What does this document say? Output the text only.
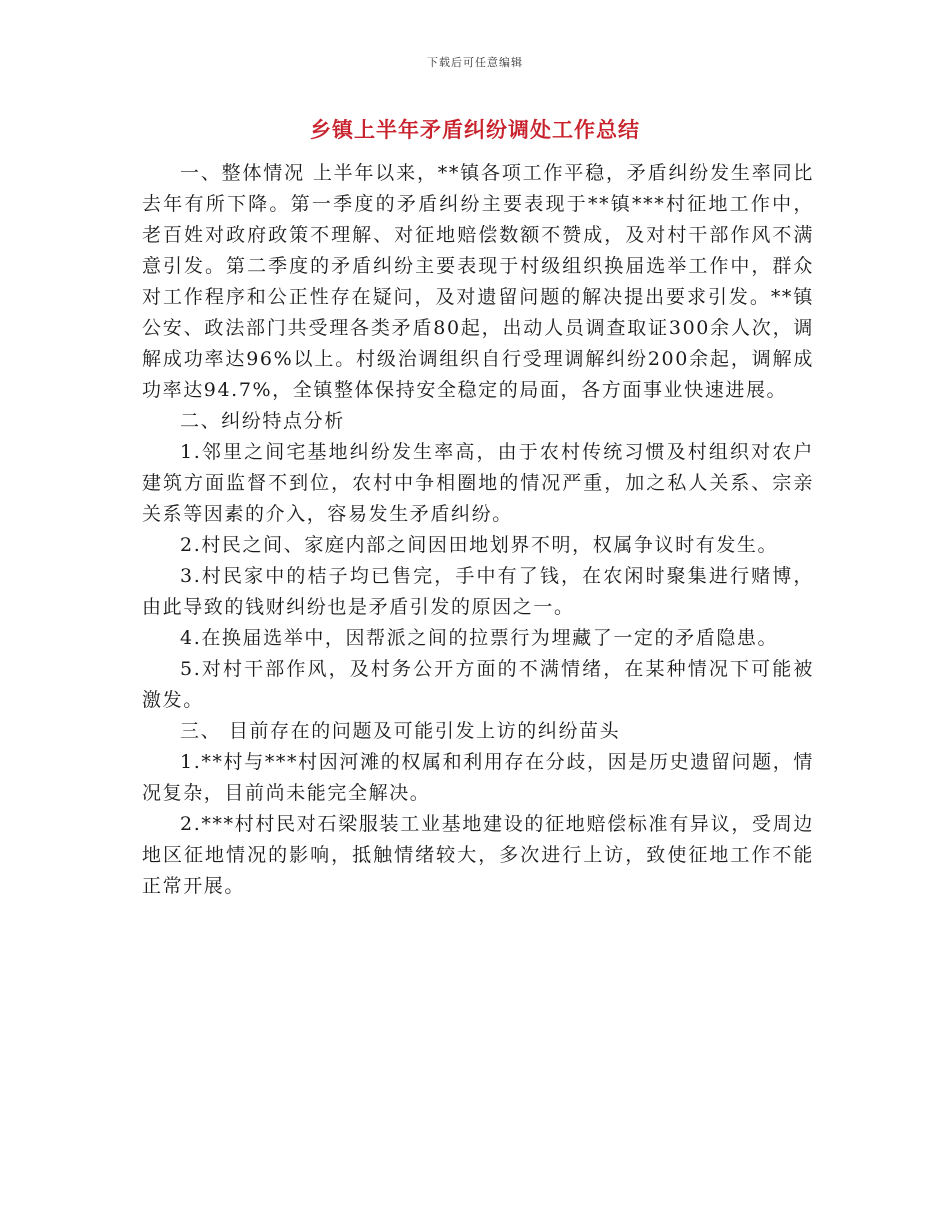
下载后可任意编辑
乡镇上半年矛盾纠纷调处工作总结

一、整体情况 上半年以来，**镇各项工作平稳，矛盾纠纷发生率同比去年有所下降。第一季度的矛盾纠纷主要表现于**镇***村征地工作中，老百姓对政府政策不理解、对征地赔偿数额不赞成，及对村干部作风不满意引发。第二季度的矛盾纠纷主要表现于村级组织换届选举工作中，群众对工作程序和公正性存在疑问，及对遗留问题的解决提出要求引发。**镇公安、政法部门共受理各类矛盾80起，出动人员调查取证300余人次，调解成功率达96%以上。村级治调组织自行受理调解纠纷200余起，调解成功率达94.7%，全镇整体保持安全稳定的局面，各方面事业快速进展。

二、纠纷特点分析

1.邻里之间宅基地纠纷发生率高，由于农村传统习惯及村组织对农户建筑方面监督不到位，农村中争相圈地的情况严重，加之私人关系、宗亲关系等因素的介入，容易发生矛盾纠纷。

2.村民之间、家庭内部之间因田地划界不明，权属争议时有发生。

3.村民家中的桔子均已售完，手中有了钱，在农闲时聚集进行赌博，由此导致的钱财纠纷也是矛盾引发的原因之一。

4.在换届选举中，因帮派之间的拉票行为埋藏了一定的矛盾隐患。

5.对村干部作风，及村务公开方面的不满情绪，在某种情况下可能被激发。

三、 目前存在的问题及可能引发上访的纠纷苗头

1.**村与***村因河滩的权属和利用存在分歧，因是历史遗留问题，情况复杂，目前尚未能完全解决。

2.***村村民对石梁服装工业基地建设的征地赔偿标准有异议，受周边地区征地情况的影响，抵触情绪较大，多次进行上访，致使征地工作不能正常开展。
